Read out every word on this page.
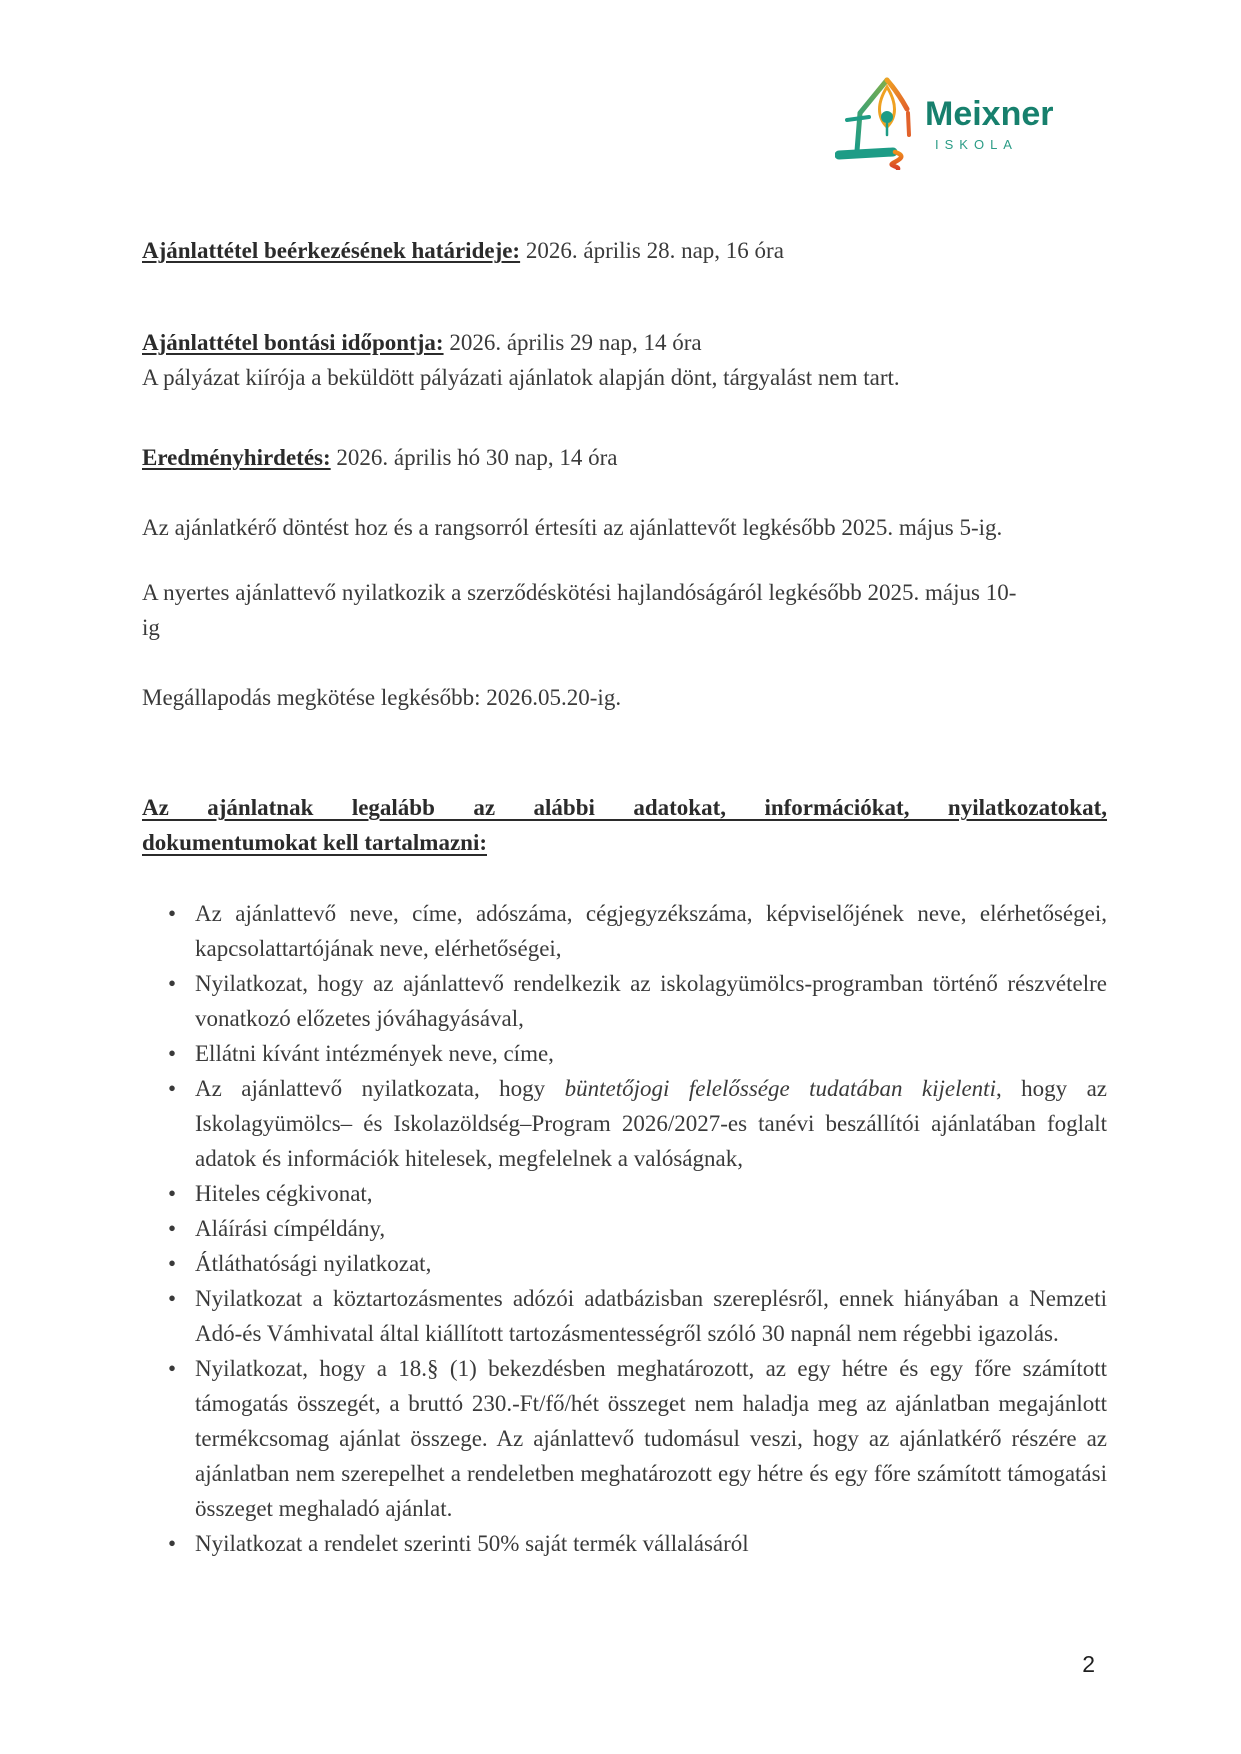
Meixner
ISKOLA
Ajánlattétel beérkezésének határideje: 2026. április 28. nap, 16 óra
Ajánlattétel bontási időpontja: 2026. április 29 nap, 14 óra
A pályázat kiírója a beküldött pályázati ajánlatok alapján dönt, tárgyalást nem tart.
Eredményhirdetés: 2026. április hó 30 nap, 14 óra
Az ajánlatkérő döntést hoz és a rangsorról értesíti az ajánlattevőt legkésőbb 2025. május 5-ig.
A nyertes ajánlattevő nyilatkozik a szerződéskötési hajlandóságáról legkésőbb 2025. május 10-
ig
Megállapodás megkötése legkésőbb: 2026.05.20-ig.
Az ajánlatnak legalább az alábbi adatokat, információkat, nyilatkozatokat,
dokumentumokat kell tartalmazni:
• Az ajánlattevő neve, címe, adószáma, cégjegyzékszáma, képviselőjének neve, elérhetőségei, kapcsolattartójának neve, elérhetőségei,
• Nyilatkozat, hogy az ajánlattevő rendelkezik az iskolagyümölcs-programban történő részvételre vonatkozó előzetes jóváhagyásával,
• Ellátni kívánt intézmények neve, címe,
• Az ajánlattevő nyilatkozata, hogy büntetőjogi felelőssége tudatában kijelenti, hogy az Iskolagyümölcs– és Iskolazöldség–Program 2026/2027-es tanévi beszállítói ajánlatában foglalt adatok és információk hitelesek, megfelelnek a valóságnak,
• Hiteles cégkivonat,
• Aláírási címpéldány,
• Átláthatósági nyilatkozat,
• Nyilatkozat a köztartozásmentes adózói adatbázisban szereplésről, ennek hiányában a Nemzeti Adó-és Vámhivatal által kiállított tartozásmentességről szóló 30 napnál nem régebbi igazolás.
• Nyilatkozat, hogy a 18.§ (1) bekezdésben meghatározott, az egy hétre és egy főre számított támogatás összegét, a bruttó 230.-Ft/fő/hét összeget nem haladja meg az ajánlatban megajánlott termékcsomag ajánlat összege. Az ajánlattevő tudomásul veszi, hogy az ajánlatkérő részére az ajánlatban nem szerepelhet a rendeletben meghatározott egy hétre és egy főre számított támogatási összeget meghaladó ajánlat.
• Nyilatkozat a rendelet szerinti 50% saját termék vállalásáról
2
